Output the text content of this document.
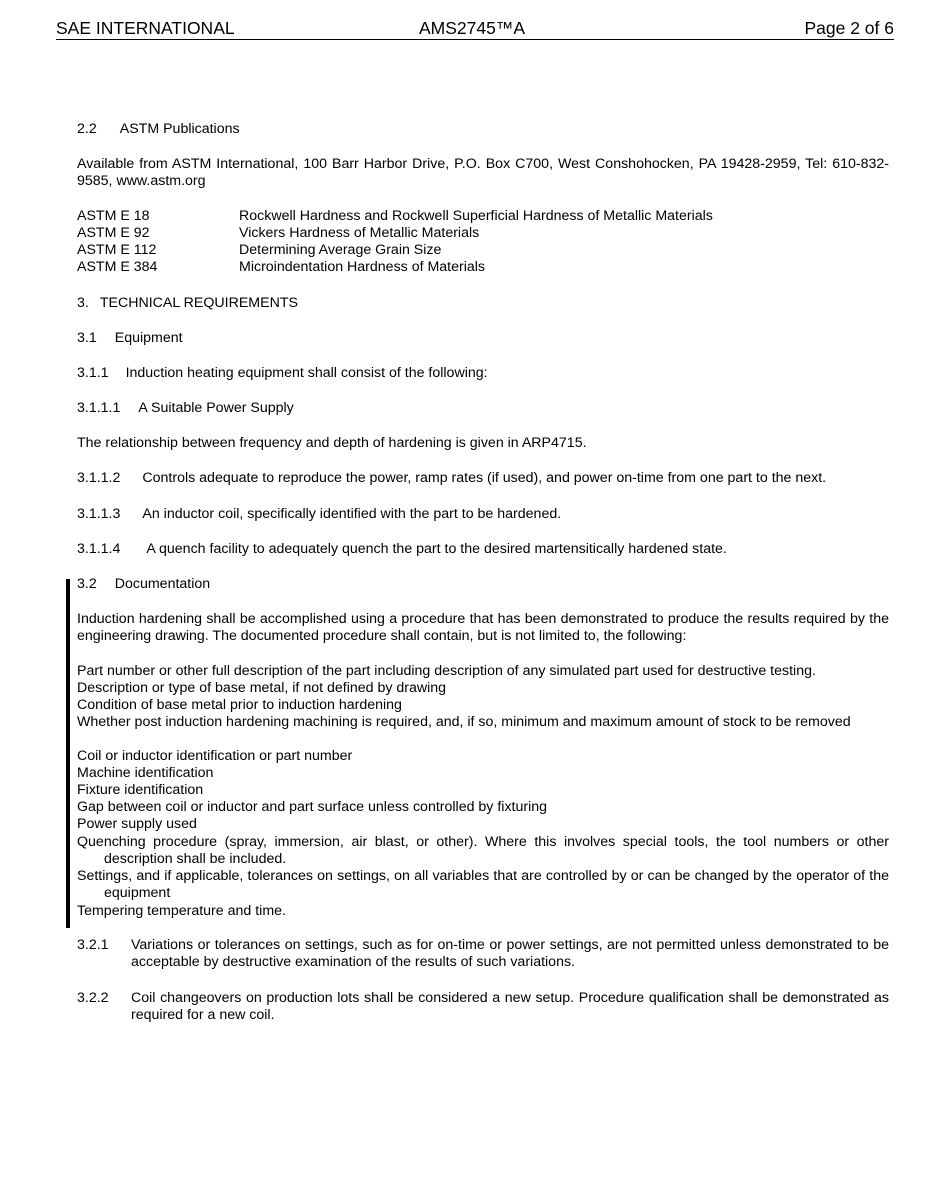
SAE INTERNATIONAL	AMS2745™A	Page 2 of 6
2.2 ASTM Publications
Available from ASTM International, 100 Barr Harbor Drive, P.O. Box C700, West Conshohocken, PA 19428-2959, Tel: 610-832-9585, www.astm.org
ASTM E 18	Rockwell Hardness and Rockwell Superficial Hardness of Metallic Materials
ASTM E 92	Vickers Hardness of Metallic Materials
ASTM E 112	Determining Average Grain Size
ASTM E 384	Microindentation Hardness of Materials
3. TECHNICAL REQUIREMENTS
3.1 Equipment
3.1.1 Induction heating equipment shall consist of the following:
3.1.1.1 A Suitable Power Supply
The relationship between frequency and depth of hardening is given in ARP4715.
3.1.1.2 Controls adequate to reproduce the power, ramp rates (if used), and power on-time from one part to the next.
3.1.1.3 An inductor coil, specifically identified with the part to be hardened.
3.1.1.4 A quench facility to adequately quench the part to the desired martensitically hardened state.
3.2 Documentation
Induction hardening shall be accomplished using a procedure that has been demonstrated to produce the results required by the engineering drawing. The documented procedure shall contain, but is not limited to, the following:
Part number or other full description of the part including description of any simulated part used for destructive testing.
Description or type of base metal, if not defined by drawing
Condition of base metal prior to induction hardening
Whether post induction hardening machining is required, and, if so, minimum and maximum amount of stock to be removed
Coil or inductor identification or part number
Machine identification
Fixture identification
Gap between coil or inductor and part surface unless controlled by fixturing
Power supply used
Quenching procedure (spray, immersion, air blast, or other). Where this involves special tools, the tool numbers or other description shall be included.
Settings, and if applicable, tolerances on settings, on all variables that are controlled by or can be changed by the operator of the equipment
Tempering temperature and time.
3.2.1 Variations or tolerances on settings, such as for on-time or power settings, are not permitted unless demonstrated to be acceptable by destructive examination of the results of such variations.
3.2.2 Coil changeovers on production lots shall be considered a new setup. Procedure qualification shall be demonstrated as required for a new coil.
